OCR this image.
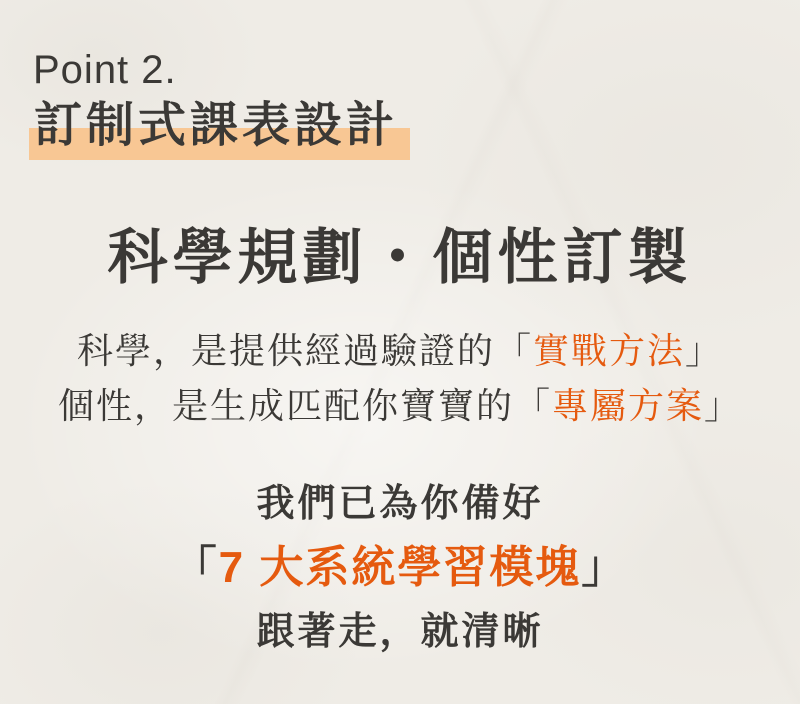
Point 2.
訂制式課表設計
科學規劃・個性訂製

科學，是提供經過驗證的「實戰方法」

個性，是生成匹配你寶寶的「專屬方案」

我們已為你備好

「7 大系統學習模塊」

跟著走，就清晰
